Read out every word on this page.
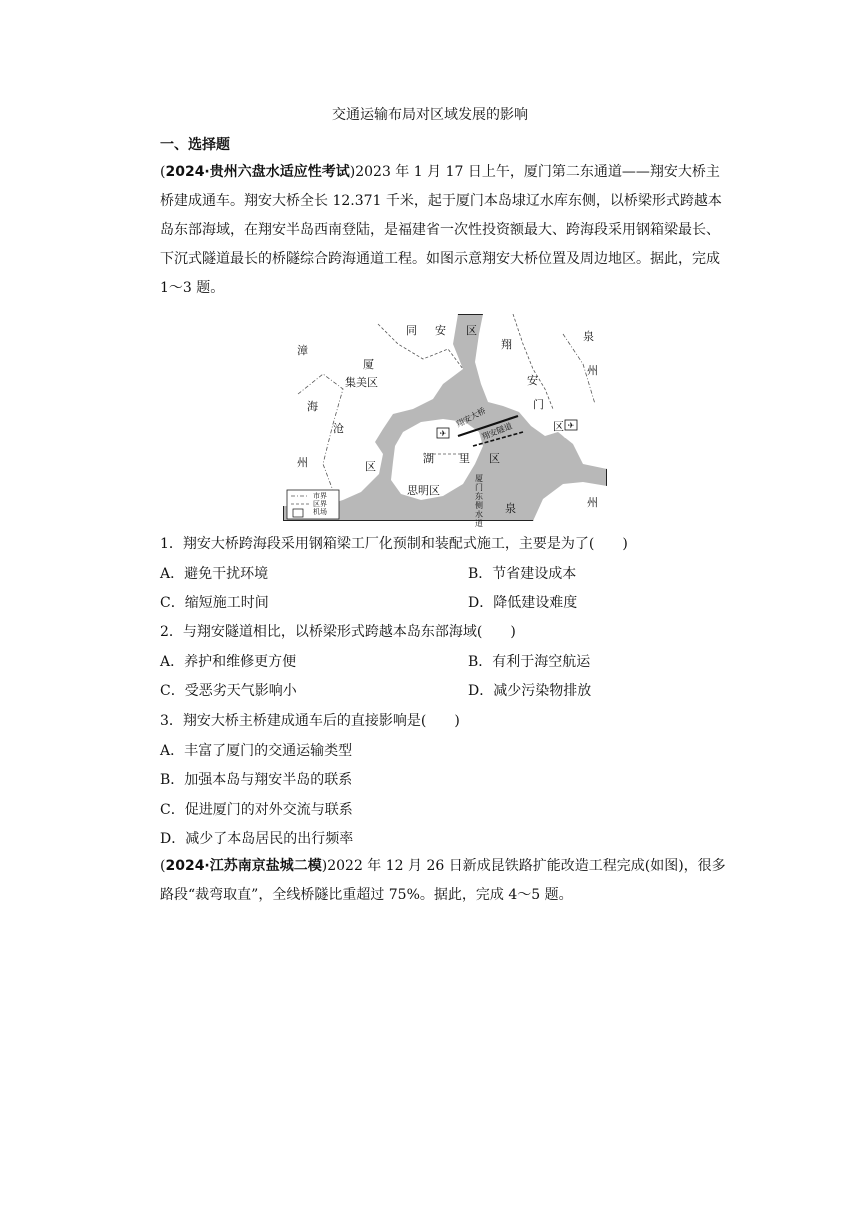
交通运输布局对区域发展的影响
一、选择题
(2024·贵州六盘水适应性考试)2023 年 1 月 17 日上午，厦门第二东通道——翔安大桥主
桥建成通车。翔安大桥全长 12.371 千米，起于厦门本岛埭辽水库东侧，以桥梁形式跨越本
岛东部海域，在翔安半岛西南登陆，是福建省一次性投资额最大、跨海段采用钢箱梁最长、
下沉式隧道最长的桥隧综合跨海通道工程。如图示意翔安大桥位置及周边地区。据此，完成
1～3 题。
✈
✈
同 安 区
翔
安
泉
州
漳
海
州
厦
集美区
门
沧
区
湖 里 区
思明区
泉	州
区
翔安大桥
翔安隧道
厦门东侧水道
市界
区界
机场
1．翔安大桥跨海段采用钢箱梁工厂化预制和装配式施工，主要是为了(　　)
A．避免干扰环境	B．节省建设成本
C．缩短施工时间	D．降低建设难度
2．与翔安隧道相比，以桥梁形式跨越本岛东部海域(　　)
A．养护和维修更方便	B．有利于海空航运
C．受恶劣天气影响小	D．减少污染物排放
3．翔安大桥主桥建成通车后的直接影响是(　　)
A．丰富了厦门的交通运输类型
B．加强本岛与翔安半岛的联系
C．促进厦门的对外交流与联系
D．减少了本岛居民的出行频率
(2024·江苏南京盐城二模)2022 年 12 月 26 日新成昆铁路扩能改造工程完成(如图)，很多
路段“裁弯取直”，全线桥隧比重超过 75%。据此，完成 4～5 题。
